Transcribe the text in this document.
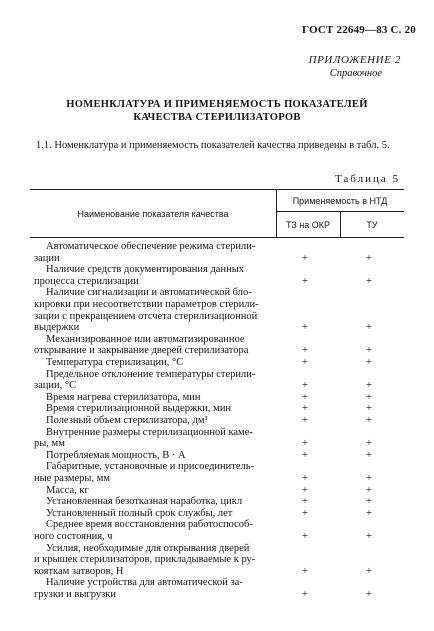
ГОСТ 22649—83 С. 20
ПРИЛОЖЕНИЕ 2
Справочное
НОМЕНКЛАТУРА И ПРИМЕНЯЕМОСТЬ ПОКАЗАТЕЛЕЙ
КАЧЕСТВА СТЕРИЛИЗАТОРОВ
1.1. Номенклатура и применяемость показателей качества приведены в табл. 5.
Таблица 5
Наименование показателя качества
Применяемость в НТД
ТЗ на ОКР	ТУ
Автоматическое обеспечение режима стерили-
зации	+	+
Наличие средств документирования данных
процесса стерилизации	+	+
Наличие сигнализации и автоматической бло-
кировки при несоответствии параметров стерили-
зации с прекращением отсчета стерилизационной
выдержки	+	+
Механизированное или автоматизированное
открывание и закрывание дверей стерилизатора	+	+
Температура стерилизации, °С	+	+
Предельное отклонение температуры стерили-
зации, °С	+	+
Время нагрева стерилизатора, мин	+	+
Время стерилизационной выдержки, мин	+	+
Полезный объем стерилизатора, дм³	+	+
Внутренние размеры стерилизационной каме-
ры, мм	+	+
Потребляемая мощность, В · А	+	+
Габаритные, установочные и присоединитель-
ные размеры, мм	+	+
Масса, кг	+	+
Установленная безотказная наработка, цикл	+	+
Установленный полный срок службы, лет	+	+
Среднее время восстановления работоспособ-
ного состояния, ч	+	+
Усилия, необходимые для открывания дверей
и крышек стерилизаторов, прикладываемые к ру-
кояткам затворов, Н	+	+
Наличие устройства для автоматической за-
грузки и выгрузки	+	+
